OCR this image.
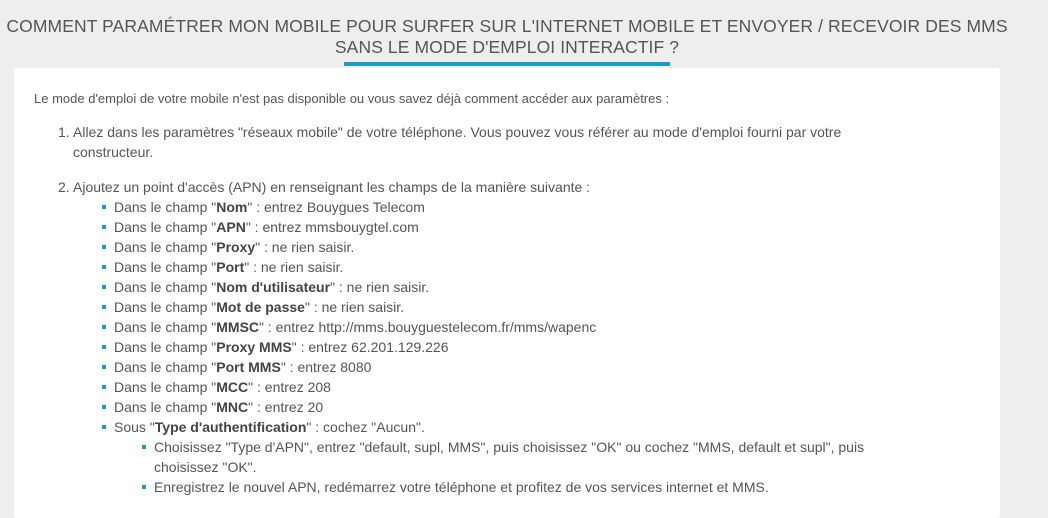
COMMENT PARAMÉTRER MON MOBILE POUR SURFER SUR L'INTERNET MOBILE ET ENVOYER / RECEVOIR DES MMS
SANS LE MODE D'EMPLOI INTERACTIF ?
Le mode d'emploi de votre mobile n'est pas disponible ou vous savez déjà comment accéder aux paramètres :
1. Allez dans les paramètres "réseaux mobile" de votre téléphone. Vous pouvez vous référer au mode d'emploi fourni par votre
constructeur.
2. Ajoutez un point d'accès (APN) en renseignant les champs de la manière suivante :
Dans le champ "Nom" : entrez Bouygues Telecom
Dans le champ "APN" : entrez mmsbouygtel.com
Dans le champ "Proxy" : ne rien saisir.
Dans le champ "Port" : ne rien saisir.
Dans le champ "Nom d'utilisateur" : ne rien saisir.
Dans le champ "Mot de passe" : ne rien saisir.
Dans le champ "MMSC" : entrez http://mms.bouyguestelecom.fr/mms/wapenc
Dans le champ "Proxy MMS" : entrez 62.201.129.226
Dans le champ "Port MMS" : entrez 8080
Dans le champ "MCC" : entrez 208
Dans le champ "MNC" : entrez 20
Sous "Type d'authentification" : cochez "Aucun".
Choisissez "Type d'APN", entrez "default, supl, MMS", puis choisissez "OK" ou cochez "MMS, default et supl", puis
choisissez "OK".
Enregistrez le nouvel APN, redémarrez votre téléphone et profitez de vos services internet et MMS.
